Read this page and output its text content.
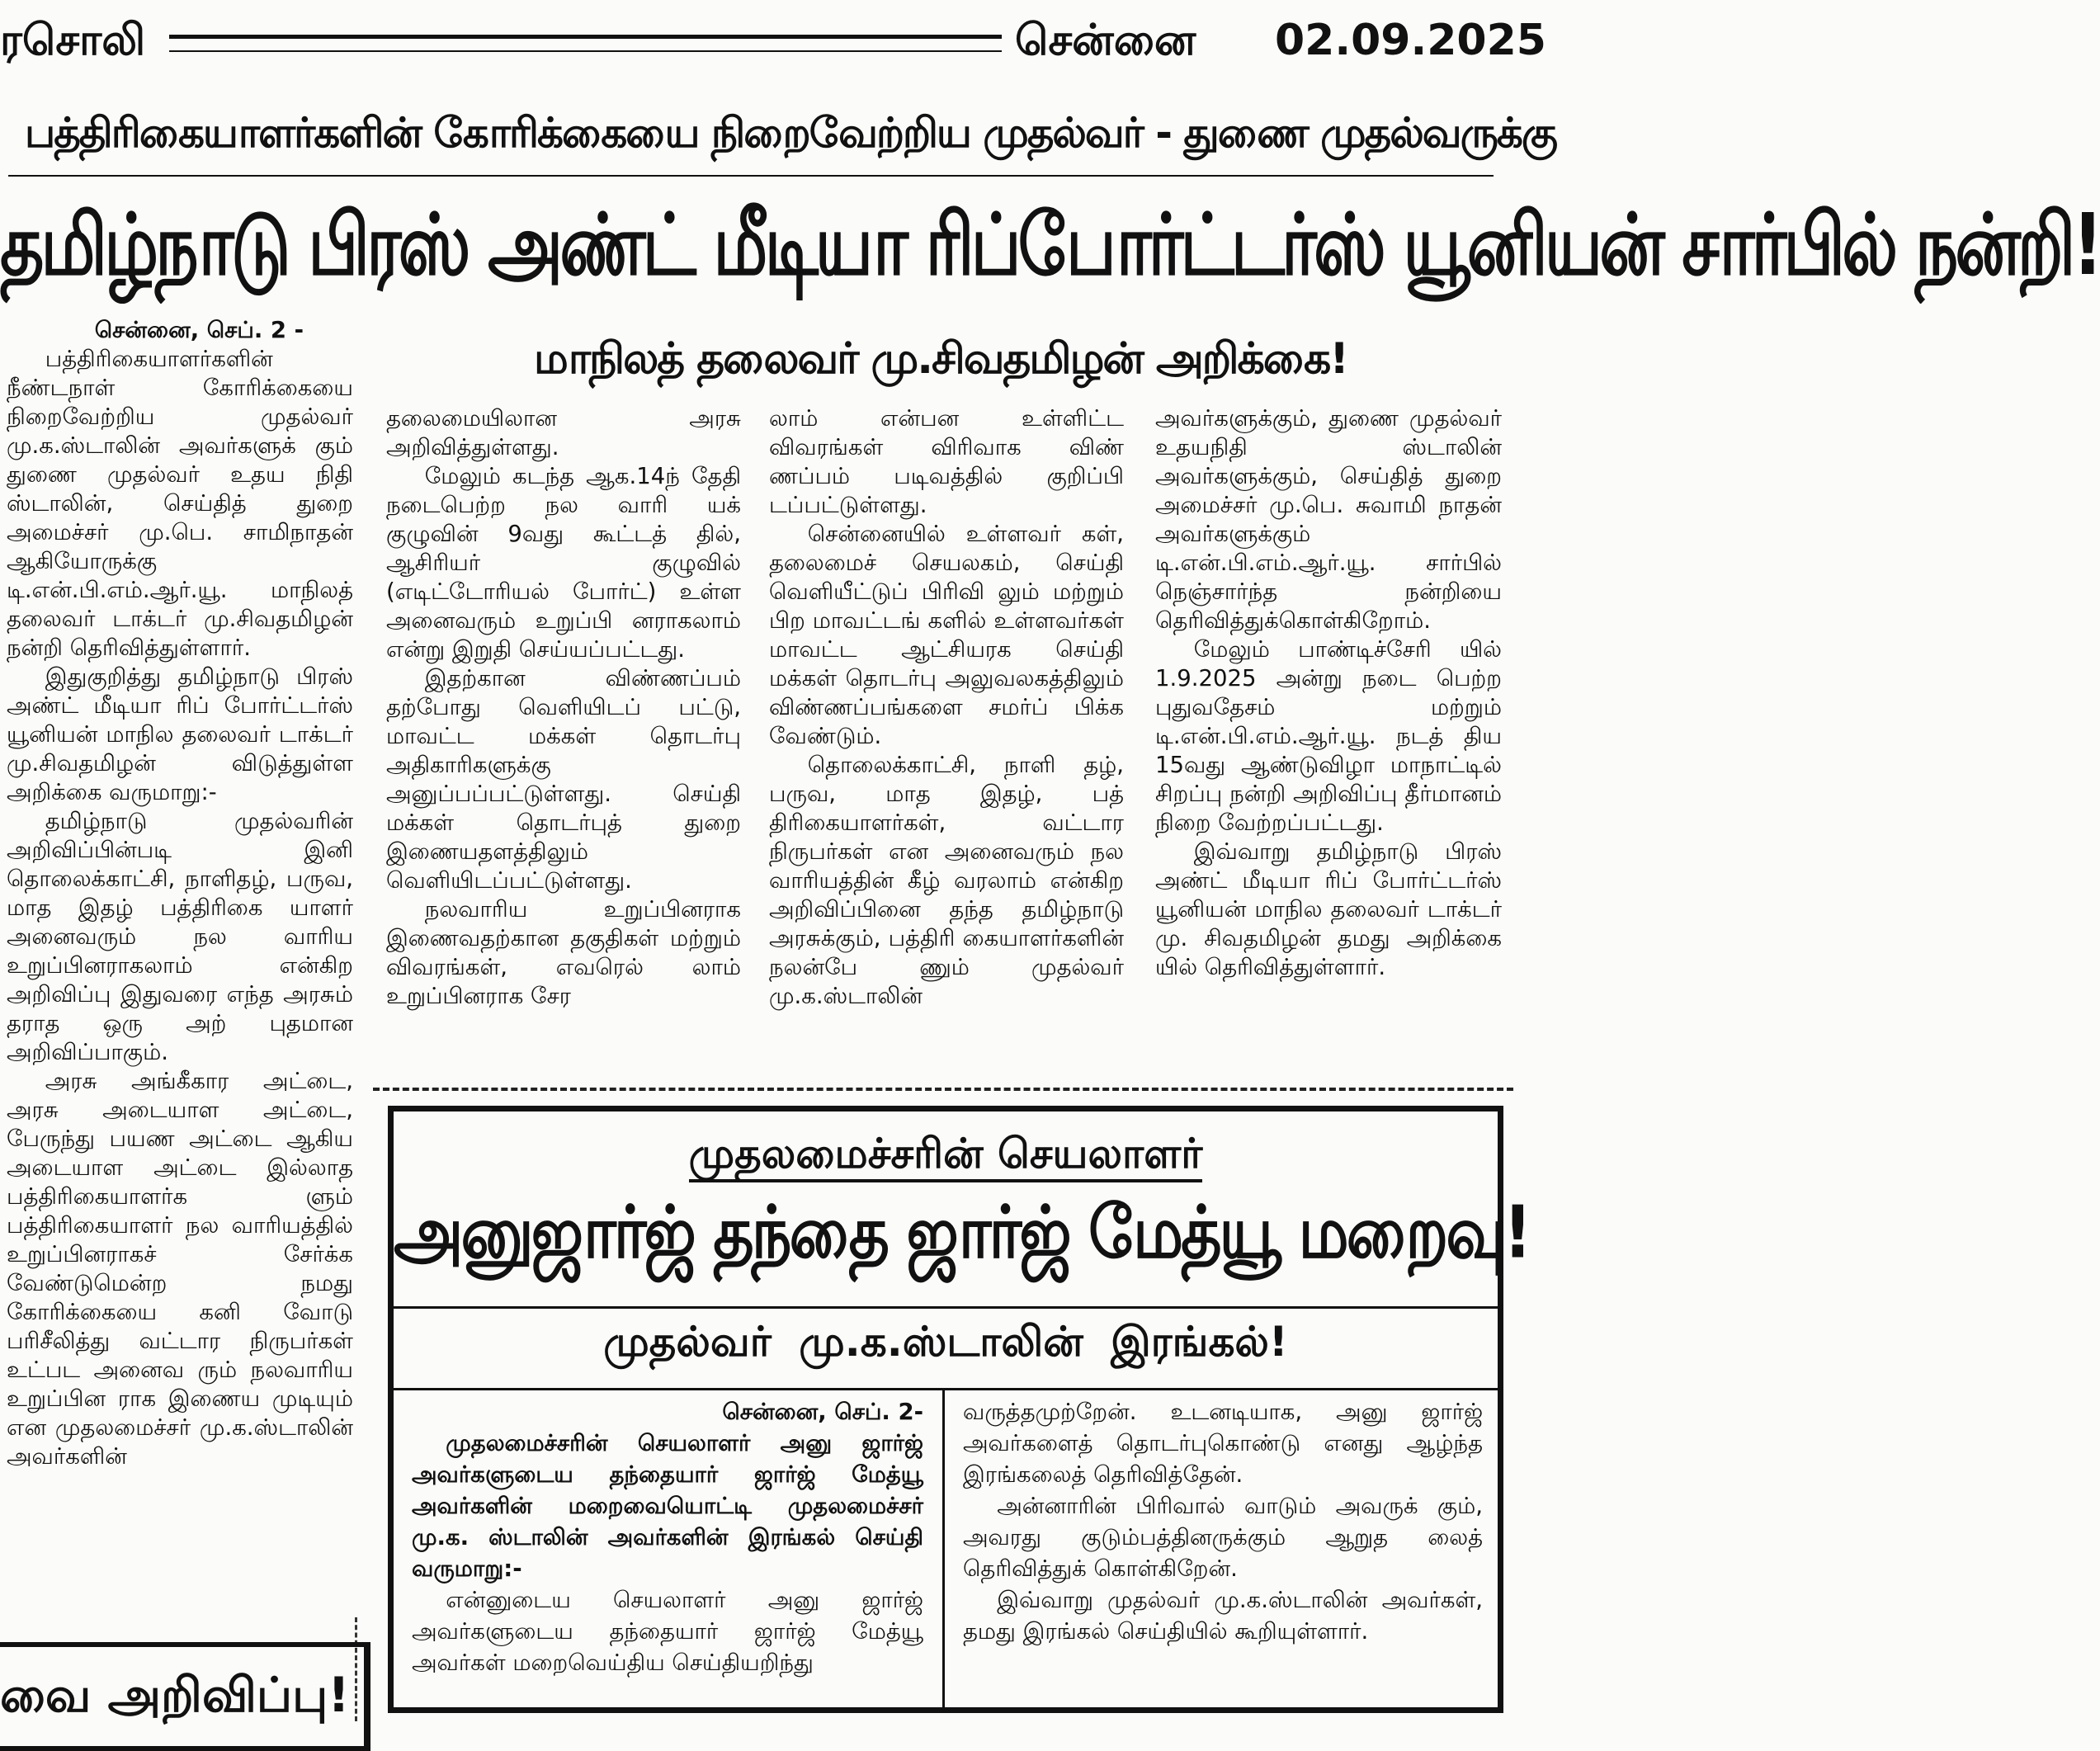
ரசொலி	சென்னை 02.09.2025
பத்திரிகையாளர்களின் கோரிக்கையை நிறைவேற்றிய முதல்வர் - துணை முதல்வருக்கு
தமிழ்நாடு பிரஸ் அண்ட் மீடியா ரிப்போர்ட்டர்ஸ் யூனியன் சார்பில் நன்றி!
மாநிலத் தலைவர் மு.சிவதமிழன் அறிக்கை!

சென்னை, செப். 2 -

பத்திரிகையாளர்களின் நீண்டநாள் கோரிக்கையை நிறைவேற்றிய முதல்வர் மு.க.ஸ்டாலின் அவர்களுக் கும் துணை முதல்வர் உதய நிதி ஸ்டாலின், செய்தித் துறை அமைச்சர் மு.பெ. சாமிநாதன் ஆகியோருக்கு டி.என்.பி.எம்.ஆர்.யூ. மாநிலத் தலைவர் டாக்டர் மு.சிவதமிழன் நன்றி தெரிவித்துள்ளார்.

இதுகுறித்து தமிழ்நாடு பிரஸ் அண்ட் மீடியா ரிப் போர்ட்டர்ஸ் யூனியன் மாநில தலைவர் டாக்டர் மு.சிவதமிழன் விடுத்துள்ள அறிக்கை வருமாறு:-

தமிழ்நாடு முதல்வரின் அறிவிப்பின்படி இனி தொலைக்காட்சி, நாளிதழ், பருவ, மாத இதழ் பத்திரிகை யாளர் அனைவரும் நல வாரிய உறுப்பினராகலாம் என்கிற அறிவிப்பு இதுவரை எந்த அரசும் தராத ஒரு அற் புதமான அறிவிப்பாகும்.

அரசு அங்கீகார அட்டை, அரசு அடையாள அட்டை, பேருந்து பயண அட்டை ஆகிய அடையாள அட்டை இல்லாத பத்திரிகையாளர்க ளும் பத்திரிகையாளர் நல வாரியத்தில் உறுப்பினராகச் சேர்க்க வேண்டுமென்ற நமது கோரிக்கையை கனி வோடு பரிசீலித்து வட்டார நிருபர்கள் உட்பட அனைவ ரும் நலவாரிய உறுப்பின ராக இணைய முடியும் என முதலமைச்சர் மு.க.ஸ்டாலின் அவர்களின்

தலைமையிலான அரசு அறிவித்துள்ளது.

மேலும் கடந்த ஆக.14ந் தேதி நடைபெற்ற நல வாரி யக் குழுவின் 9வது கூட்டத் தில், ஆசிரியர் குழுவில் (எடிட்டோரியல் போர்ட்) உள்ள அனைவரும் உறுப்பி னராகலாம் என்று இறுதி செய்யப்பட்டது.

இதற்கான விண்ணப்பம் தற்போது வெளியிடப் பட்டு, மாவட்ட மக்கள் தொடர்பு அதிகாரிகளுக்கு அனுப்பப்பட்டுள்ளது. செய்தி மக்கள் தொடர்புத் துறை இணையதளத்திலும் வெளியிடப்பட்டுள்ளது.

நலவாரிய உறுப்பினராக இணைவதற்கான தகுதிகள் மற்றும் விவரங்கள், எவரெல் லாம் உறுப்பினராக சேர

லாம் என்பன உள்ளிட்ட விவரங்கள் விரிவாக விண் ணப்பம் படிவத்தில் குறிப்பி டப்பட்டுள்ளது.

சென்னையில் உள்ளவர் கள், தலைமைச் செயலகம், செய்தி வெளியீட்டுப் பிரிவி லும் மற்றும் பிற மாவட்டங் களில் உள்ளவர்கள் மாவட்ட ஆட்சியரக செய்தி மக்கள் தொடர்பு அலுவலகத்திலும் விண்ணப்பங்களை சமர்ப் பிக்க வேண்டும்.

தொலைக்காட்சி, நாளி தழ், பருவ, மாத இதழ், பத் திரிகையாளர்கள், வட்டார நிருபர்கள் என அனைவரும் நல வாரியத்தின் கீழ் வரலாம் என்கிற அறிவிப்பினை தந்த தமிழ்நாடு அரசுக்கும், பத்திரி கையாளர்களின் நலன்பே ணும் முதல்வர் மு.க.ஸ்டாலின்

அவர்களுக்கும், துணை முதல்வர் உதயநிதி ஸ்டாலின் அவர்களுக்கும், செய்தித் துறை அமைச்சர் மு.பெ. சுவாமி நாதன் அவர்களுக்கும் டி.என்.பி.எம்.ஆர்.யூ. சார்பில் நெஞ்சார்ந்த நன்றியை தெரிவித்துக்கொள்கிறோம்.

மேலும் பாண்டிச்சேரி யில் 1.9.2025 அன்று நடை பெற்ற புதுவதேசம் மற்றும் டி.என்.பி.எம்.ஆர்.யூ. நடத் திய 15வது ஆண்டுவிழா மாநாட்டில் சிறப்பு நன்றி அறிவிப்பு தீர்மானம் நிறை வேற்றப்பட்டது.

இவ்வாறு தமிழ்நாடு பிரஸ் அண்ட் மீடியா ரிப் போர்ட்டர்ஸ் யூனியன் மாநில தலைவர் டாக்டர் மு. சிவதமிழன் தமது அறிக்கை யில் தெரிவித்துள்ளார்.

முதலமைச்சரின் செயலாளர்
அனுஜார்ஜ் தந்தை ஜார்ஜ் மேத்யூ மறைவு!
முதல்வர் மு.க.ஸ்டாலின் இரங்கல்!

சென்னை, செப். 2-

முதலமைச்சரின் செயலாளர் அனு ஜார்ஜ் அவர்களுடைய தந்தையார் ஜார்ஜ் மேத்யூ அவர்களின் மறைவையொட்டி முதலமைச்சர் மு.க. ஸ்டாலின் அவர்களின் இரங்கல் செய்தி வருமாறு:-

என்னுடைய செயலாளர் அனு ஜார்ஜ் அவர்களுடைய தந்தையார் ஜார்ஜ் மேத்யூ அவர்கள் மறைவெய்திய செய்தியறிந்து

வருத்தமுற்றேன். உடனடியாக, அனு ஜார்ஜ் அவர்களைத் தொடர்புகொண்டு எனது ஆழ்ந்த இரங்கலைத் தெரிவித்தேன்.

அன்னாரின் பிரிவால் வாடும் அவருக் கும், அவரது குடும்பத்தினருக்கும் ஆறுத லைத் தெரிவித்துக் கொள்கிறேன்.

இவ்வாறு முதல்வர் மு.க.ஸ்டாலின் அவர்கள், தமது இரங்கல் செய்தியில் கூறியுள்ளார்.

வை அறிவிப்பு!
